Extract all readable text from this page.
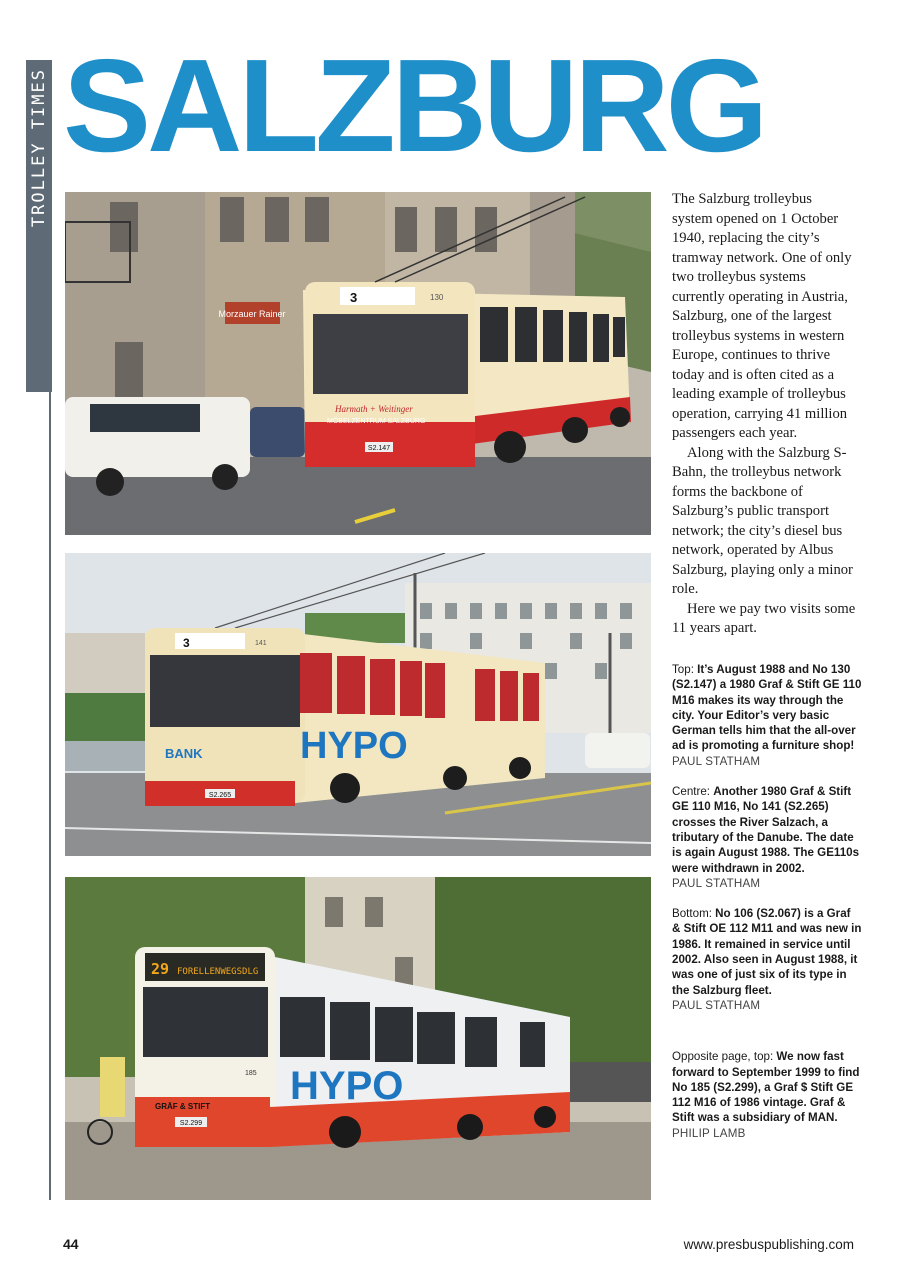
TROLLEY TIMES SALZBURG
Morzauer Rainer
3	130
Harmath + Weitinger
MÖBELZENTRUM SALZBURG
S2.147
3	141
HYPO
BANK
S2.265
29 FORELLENWEGSDLG
GRÄF & STIFT
185
S2.299
HYPO

The Salzburg trolleybus system opened on 1 October 1940, replacing the city’s tramway network. One of only two trolleybus systems currently operating in Austria, Salzburg, one of the largest trolleybus systems in western Europe, continues to thrive today and is often cited as a leading example of trolleybus operation, carrying 41 million passengers each year.

Along with the Salzburg S-Bahn, the trolleybus network forms the backbone of Salzburg’s public transport network; the city’s diesel bus network, operated by Albus Salzburg, playing only a minor role.

Here we pay two visits some 11 years apart.

Top: It’s August 1988 and No 130 (S2.147) a 1980 Graf & Stift GE 110 M16 makes its way through the city. Your Editor’s very basic German tells him that the all-over ad is promoting a furniture shop!
PAUL STATHAM
Centre: Another 1980 Graf & Stift GE 110 M16, No 141 (S2.265) crosses the River Salzach, a tributary of the Danube. The date is again August 1988. The GE110s were withdrawn in 2002.
PAUL STATHAM
Bottom: No 106 (S2.067) is a Graf & Stift OE 112 M11 and was new in 1986. It remained in service until 2002. Also seen in August 1988, it was one of just six of its type in the Salzburg fleet.
PAUL STATHAM
Opposite page, top: We now fast forward to September 1999 to find No 185 (S2.299), a Graf $ Stift GE 112 M16 of 1986 vintage. Graf & Stift was a subsidiary of MAN.
PHILIP LAMB
44	www.presbuspublishing.com
